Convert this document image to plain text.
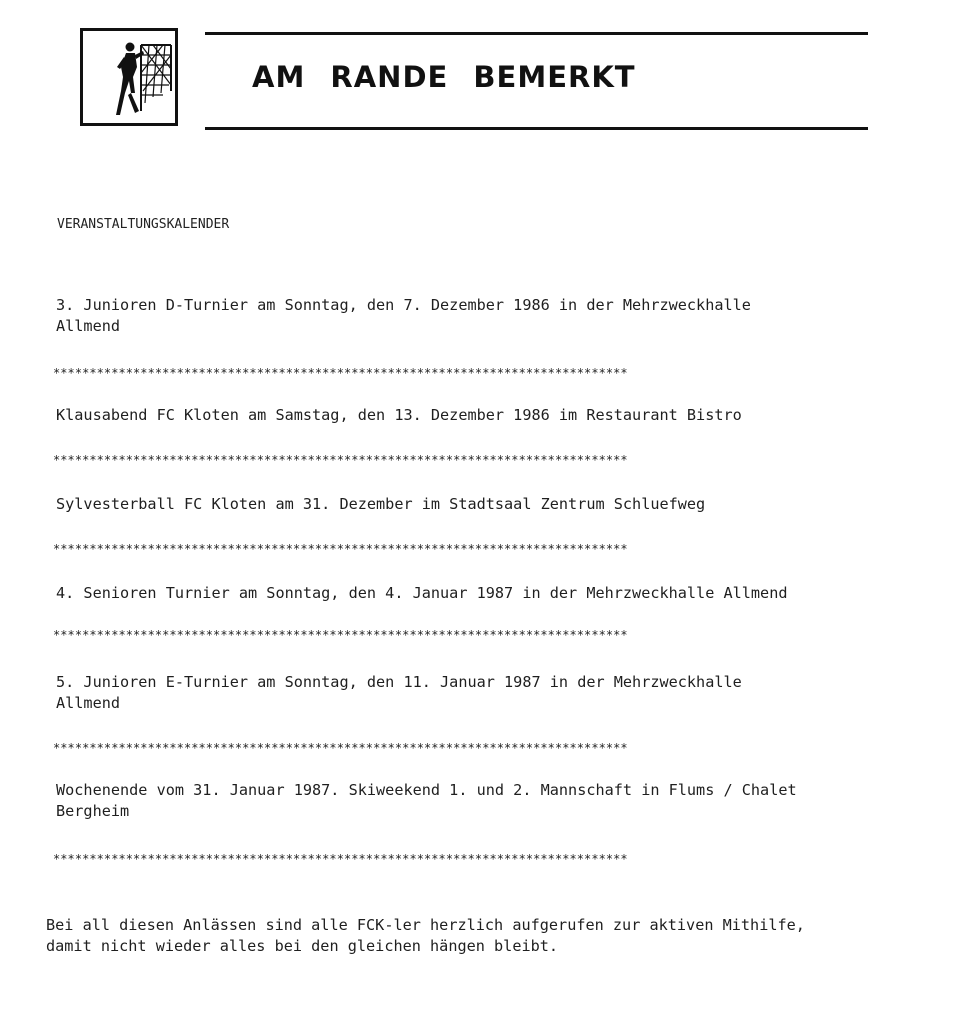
AM RANDE BEMERKT
VERANSTALTUNGSKALENDER
3. Junioren D-Turnier am Sonntag, den 7. Dezember 1986 in der Mehrzweckhalle
Allmend
*******************************************************************************
Klausabend FC Kloten am Samstag, den 13. Dezember 1986 im Restaurant Bistro
*******************************************************************************
Sylvesterball FC Kloten am 31. Dezember im Stadtsaal Zentrum Schluefweg
*******************************************************************************
4. Senioren Turnier am Sonntag, den 4. Januar 1987 in der Mehrzweckhalle Allmend
*******************************************************************************
5. Junioren E-Turnier am Sonntag, den 11. Januar 1987 in der Mehrzweckhalle
Allmend
*******************************************************************************
Wochenende vom 31. Januar 1987. Skiweekend 1. und 2. Mannschaft in Flums / Chalet
Bergheim
*******************************************************************************
Bei all diesen Anlässen sind alle FCK-ler herzlich aufgerufen zur aktiven Mithilfe,
damit nicht wieder alles bei den gleichen hängen bleibt.
